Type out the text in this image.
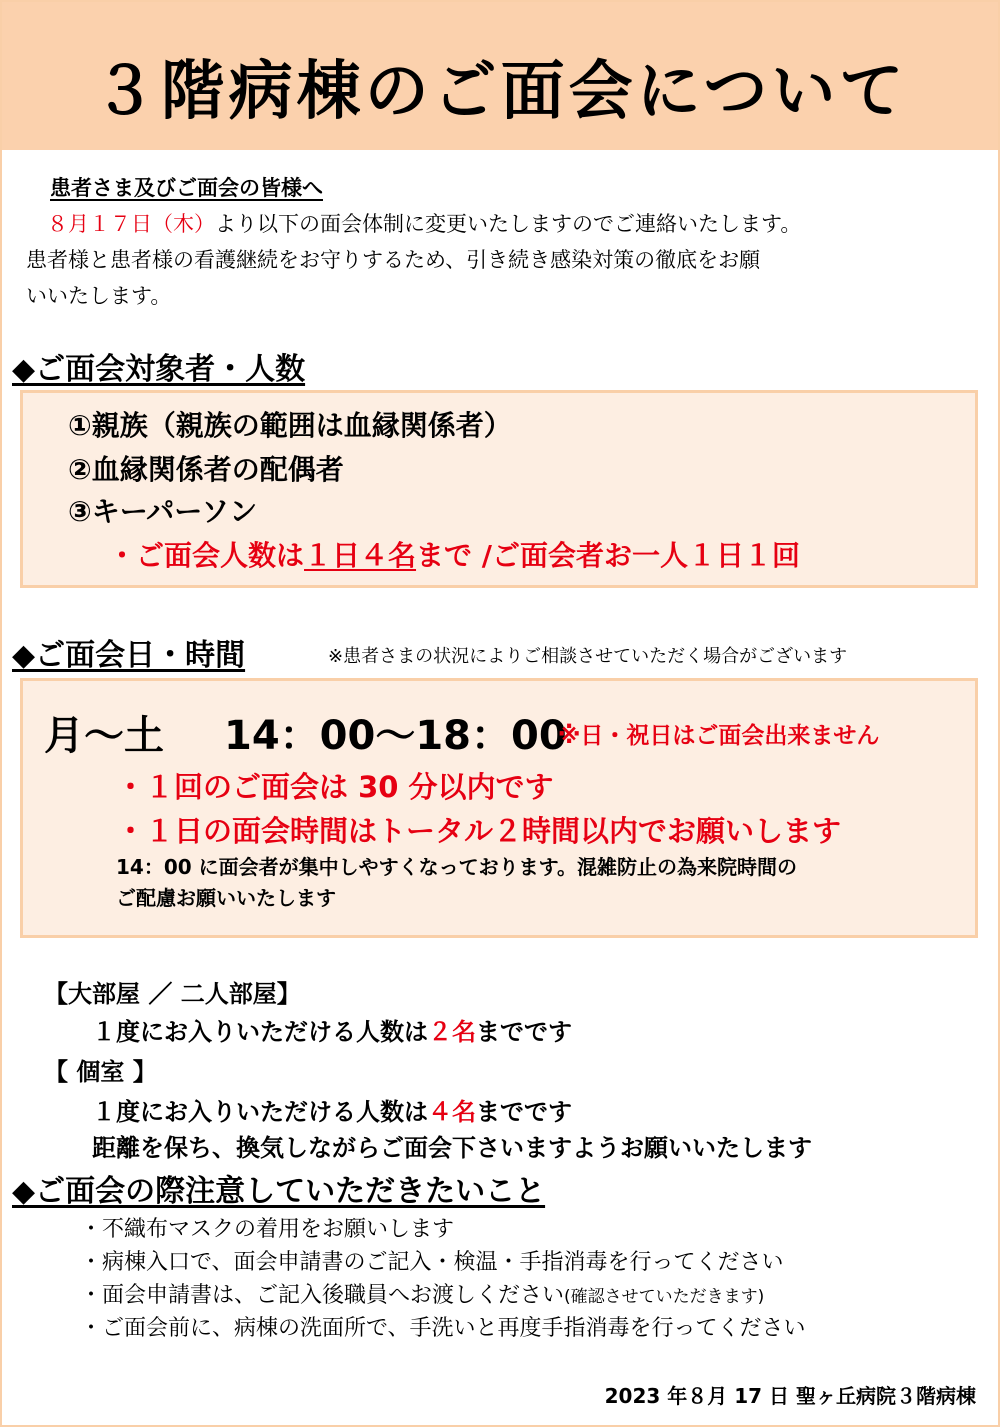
３階病棟のご面会について
患者さま及びご面会の皆様へ
　８月１７日（木）より以下の面会体制に変更いたしますのでご連絡いたします。
患者様と患者様の看護継続をお守りするため、引き続き感染対策の徹底をお願
いいたします。
◆ご面会対象者・人数
①親族（親族の範囲は血縁関係者）
②血縁関係者の配偶者
③キーパーソン
・ご面会人数は１日４名まで /ご面会者お一人１日１回
◆ご面会日・時間	※患者さまの状況によりご相談させていただく場合がございます
月～土 14：00～18：00
※日・祝日はご面会出来ません
・１回のご面会は 30 分以内です
・１日の面会時間はトータル２時間以内でお願いします
14：00 に面会者が集中しやすくなっております。混雑防止の為来院時間の
ご配慮お願いいたします
【大部屋 ／ 二人部屋】
１度にお入りいただける人数は２名までです
【 個室 】
１度にお入りいただける人数は４名までです
距離を保ち、換気しながらご面会下さいますようお願いいたします
◆ご面会の際注意していただきたいこと
・不織布マスクの着用をお願いします
・病棟入口で、面会申請書のご記入・検温・手指消毒を行ってください
・面会申請書は、ご記入後職員へお渡しください(確認させていただきます)
・ご面会前に、病棟の洗面所で、手洗いと再度手指消毒を行ってください
2023 年８月 17 日 聖ヶ丘病院３階病棟
